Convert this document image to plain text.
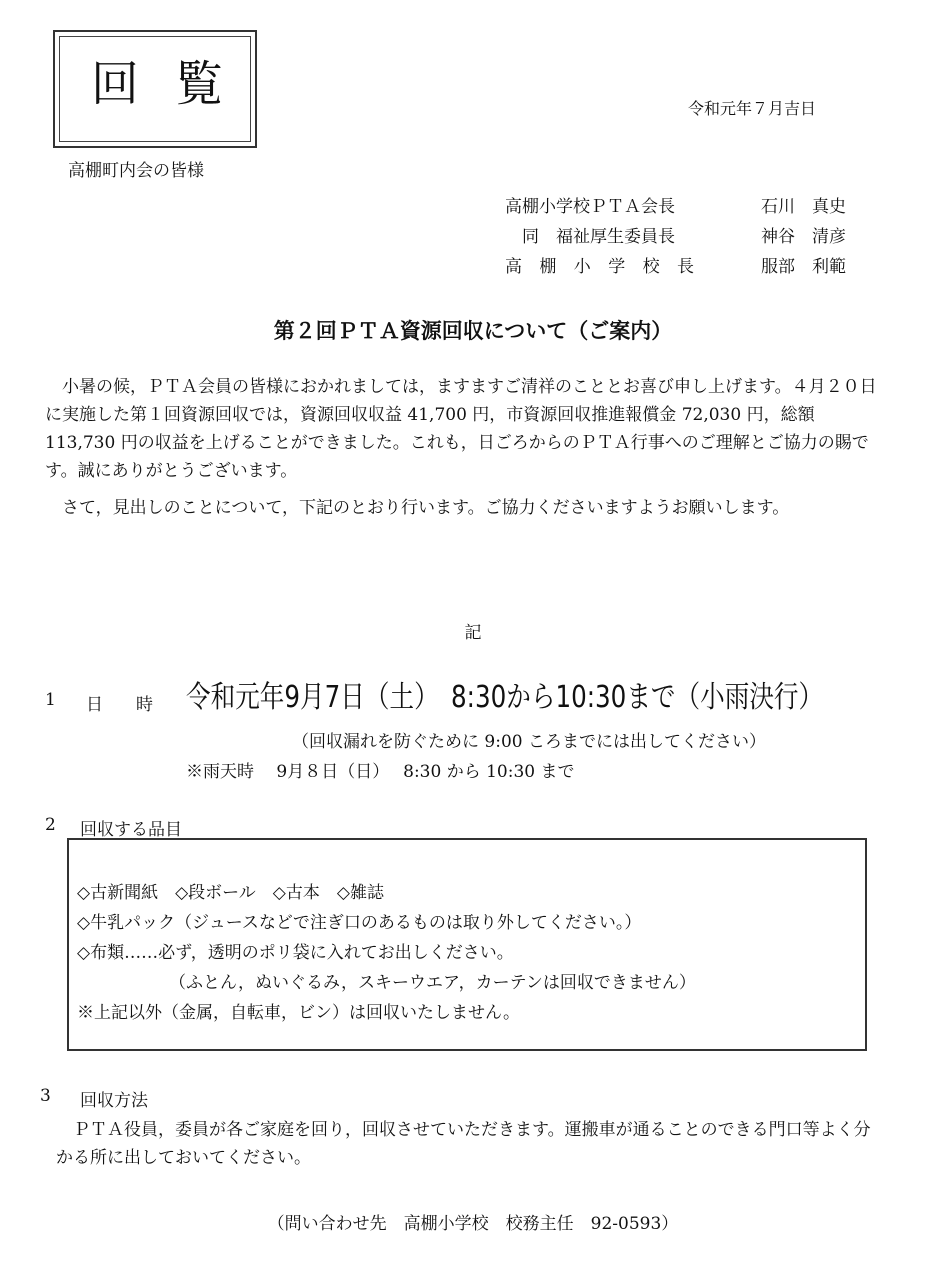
回覧
高棚町内会の皆様
令和元年７月吉日
高棚小学校ＰＴＡ会長	石川　真史
　同　福祉厚生委員長	神谷　清彦
高 棚 小 学 校 長	服部　利範
第２回ＰＴＡ資源回収について（ご案内）
小暑の候，ＰＴＡ会員の皆様におかれましては，ますますご清祥のこととお喜び申し上げます。４月２０日に実施した第１回資源回収では，資源回収収益 41,700 円，市資源回収推進報償金 72,030 円，総額 113,730 円の収益を上げることができました。これも，日ごろからのＰＴＡ行事へのご理解とご協力の賜です。誠にありがとうございます。
さて，見出しのことについて，下記のとおり行います。ご協力くださいますようお願いします。
記
1 日　時 令和元年9月7日（土）　8:30から10:30まで（小雨決行）
（回収漏れを防ぐために 9:00 ころまでには出してください）
※雨天時　 9月８日（日）　 8:30 から 10:30 まで
2 回収する品目
◇古新聞紙　◇段ボール　◇古本　◇雑誌
◇牛乳パック（ジュースなどで注ぎ口のあるものは取り外してください。）
◇布類……必ず，透明のポリ袋に入れてお出しください。
（ふとん，ぬいぐるみ，スキーウエア，カーテンは回収できません）
※上記以外（金属，自転車，ビン）は回収いたしません。
3 回収方法
ＰＴＡ役員，委員が各ご家庭を回り，回収させていただきます。運搬車が通ることのできる門口等よく分かる所に出しておいてください。
（問い合わせ先　高棚小学校　校務主任　92-0593）
